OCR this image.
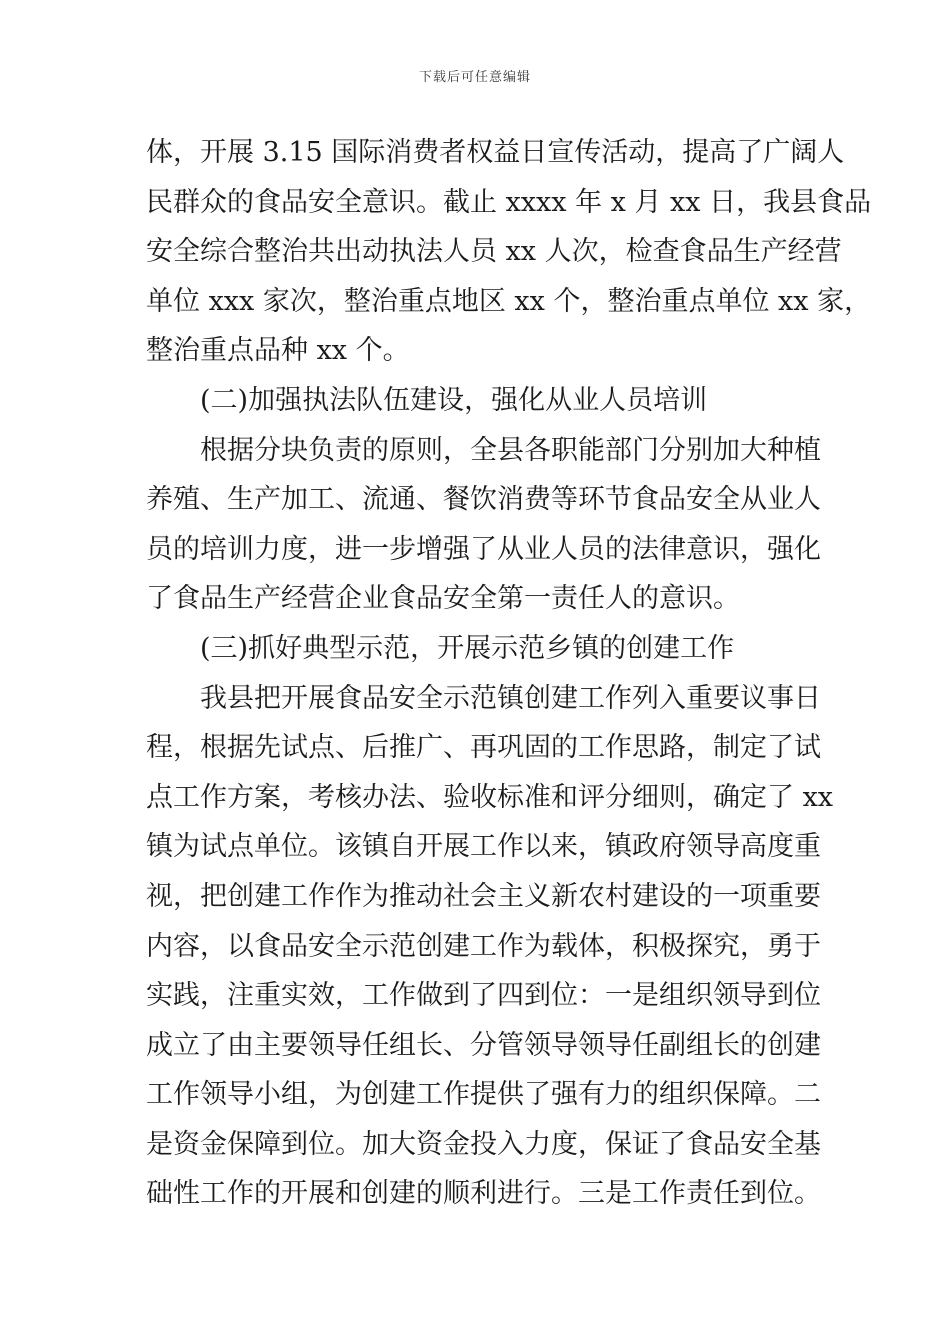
下载后可任意编辑
体，开展 3.15 国际消费者权益日宣传活动，提高了广阔人
民群众的食品安全意识。截止 xxxx 年 x 月 xx 日，我县食品
安全综合整治共出动执法人员 xx 人次，检查食品生产经营
单位 xxx 家次，整治重点地区 xx 个，整治重点单位 xx 家，
整治重点品种 xx 个。
(二)加强执法队伍建设，强化从业人员培训
根据分块负责的原则，全县各职能部门分别加大种植
养殖、生产加工、流通、餐饮消费等环节食品安全从业人
员的培训力度，进一步增强了从业人员的法律意识，强化
了食品生产经营企业食品安全第一责任人的意识。
(三)抓好典型示范，开展示范乡镇的创建工作
我县把开展食品安全示范镇创建工作列入重要议事日
程，根据先试点、后推广、再巩固的工作思路，制定了试
点工作方案，考核办法、验收标准和评分细则，确定了 xx
镇为试点单位。该镇自开展工作以来，镇政府领导高度重
视，把创建工作作为推动社会主义新农村建设的一项重要
内容，以食品安全示范创建工作为载体，积极探究，勇于
实践，注重实效，工作做到了四到位：一是组织领导到位
成立了由主要领导任组长、分管领导领导任副组长的创建
工作领导小组，为创建工作提供了强有力的组织保障。二
是资金保障到位。加大资金投入力度，保证了食品安全基
础性工作的开展和创建的顺利进行。三是工作责任到位。
